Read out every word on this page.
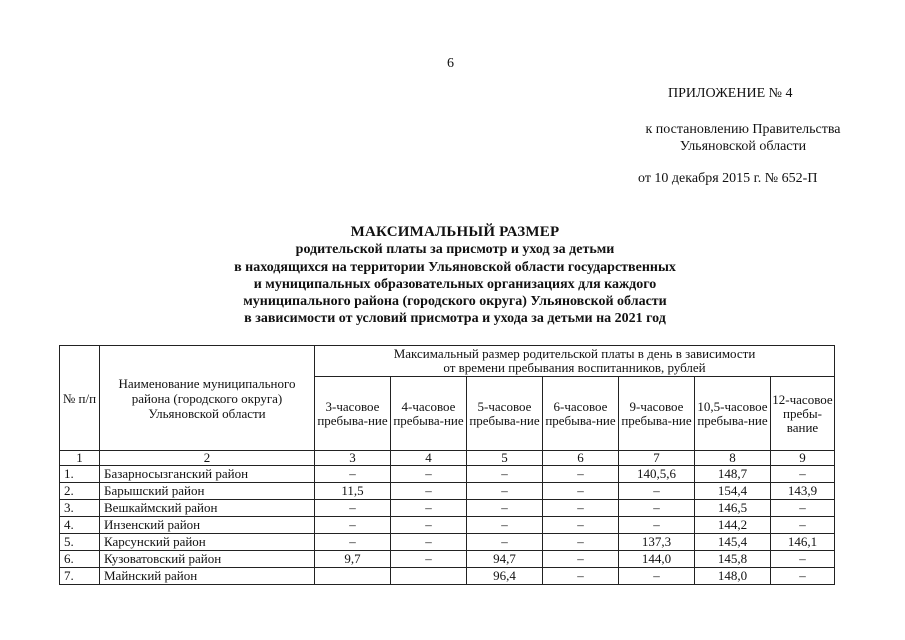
6
ПРИЛОЖЕНИЕ № 4
к постановлению Правительства
Ульяновской области
от 10 декабря 2015 г. № 652-П
МАКСИМАЛЬНЫЙ РАЗМЕР
родительской платы за присмотр и уход за детьми
в находящихся на территории Ульяновской области государственных
и муниципальных образовательных организациях для каждого
муниципального района (городского округа) Ульяновской области
в зависимости от условий присмотра и ухода за детьми на 2021 год
№ п/п	Наименование муниципального района (городского округа) Ульяновской области	Максимальный размер родительской платы в день в зависимости
от времени пребывания воспитанников, рублей						

		3-часовое пребыва-ние	4-часовое пребыва-ние	5-часовое пребыва-ние	6-часовое пребыва-ние	9-часовое пребыва-ние	10,5-часовое пребыва-ние	12-часовое пребы-вание
1	2	3	4	5	6	7	8	9
1.	Базарносызганский район	–	–	–	–	140,5,6	148,7	–
2.	Барышский район	11,5	–	–	–	–	154,4	143,9
3.	Вешкаймский район	–	–	–	–	–	146,5	–
4.	Инзенский район	–	–	–	–	–	144,2	–
5.	Карсунский район	–	–	–	–	137,3	145,4	146,1
6.	Кузоватовский район	9,7	–	94,7	–	144,0	145,8	–
7.	Майнский район			96,4	–	–	148,0	–
